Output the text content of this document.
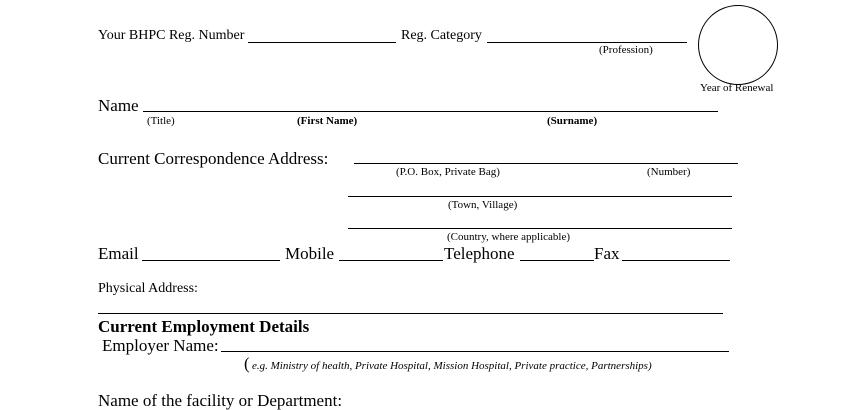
Your BHPC Reg. Number	Reg. Category
(Profession)
Year of Renewal
Name
(Title)	(First Name)	(Surname)
Current Correspondence Address:
(P.O. Box, Private Bag)	(Number)
(Town, Village)
(Country, where applicable)
Email	Mobile	Telephone	Fax
Physical Address:
Current Employment Details
Employer Name:
( e.g. Ministry of health, Private Hospital, Mission Hospital, Private practice, Partnerships)
Name of the facility or Department:
